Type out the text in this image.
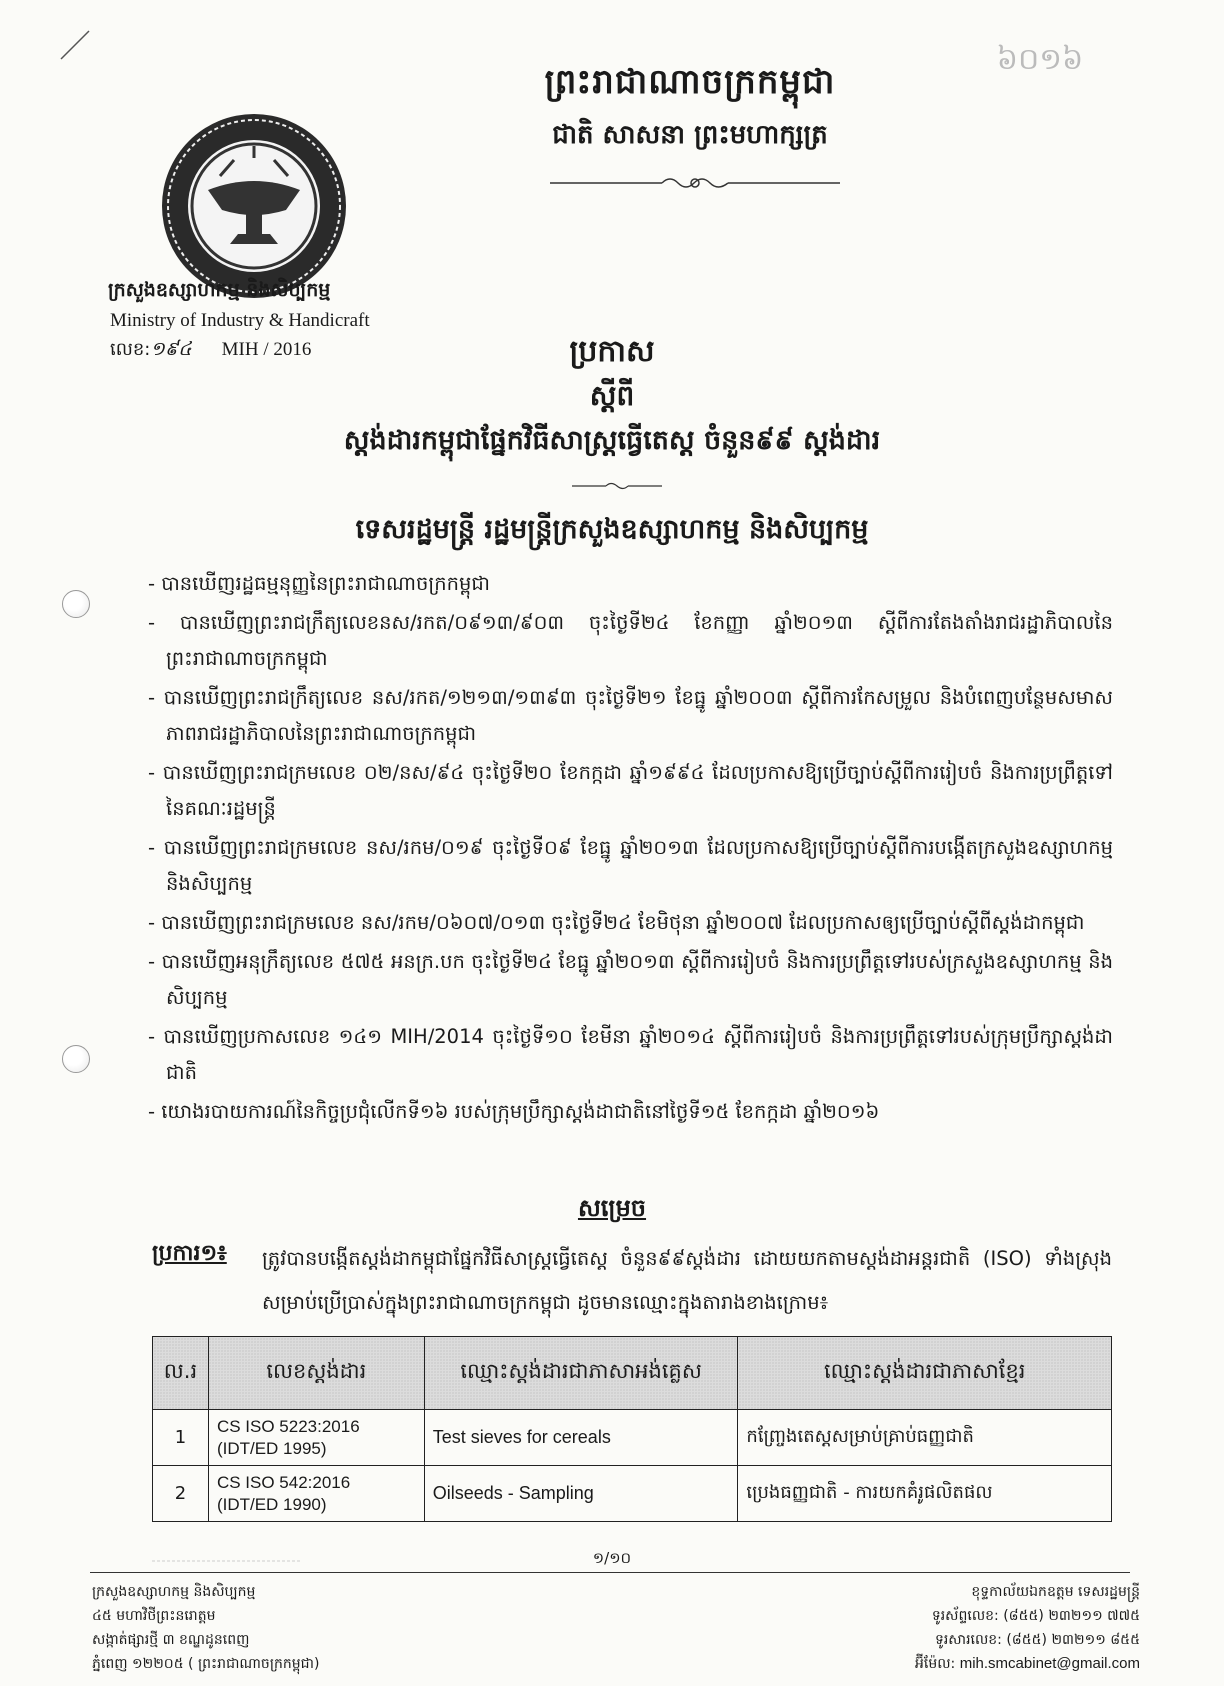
៦០១៦
ព្រះរាជាណាចក្រកម្ពុជា
ជាតិ សាសនា ព្រះមហាក្សត្រ
ក្រសួងឧស្សាហកម្ម និងសិប្បកម្ម
Ministry of Industry & Handicraft
លេខ:១៩៤ MIH / 2016	ប្រកាស
ស្តីពី
ស្តង់ដារកម្ពុជាផ្នែកវិធីសាស្ត្រធ្វើតេស្ត ចំនួន៩៩ ស្តង់ដារ
ទេសរដ្ឋមន្ត្រី រដ្ឋមន្ត្រីក្រសួងឧស្សាហកម្ម និងសិប្បកម្ម
- បានឃើញរដ្ឋធម្មនុញ្ញនៃព្រះរាជាណាចក្រកម្ពុជា
- បានឃើញព្រះរាជក្រឹត្យលេខនស/រកត/០៩១៣/៩០៣ ចុះថ្ងៃទី២៤ ខែកញ្ញា ឆ្នាំ២០១៣ ស្តីពីការតែងតាំងរាជរដ្ឋាភិបាលនៃព្រះរាជាណាចក្រកម្ពុជា
- បានឃើញព្រះរាជក្រឹត្យលេខ នស/រកត/១២១៣/១៣៩៣ ចុះថ្ងៃទី២១ ខែធ្នូ ឆ្នាំ២០០៣ ស្តីពីការកែសម្រួល និងបំពេញបន្ថែមសមាសភាពរាជរដ្ឋាភិបាលនៃព្រះរាជាណាចក្រកម្ពុជា
- បានឃើញព្រះរាជក្រមលេខ ០២/នស/៩៤ ចុះថ្ងៃទី២០ ខែកក្កដា ឆ្នាំ១៩៩៤ ដែលប្រកាសឱ្យប្រើច្បាប់ស្តីពីការរៀបចំ និងការប្រព្រឹត្តទៅនៃគណៈរដ្ឋមន្ត្រី
- បានឃើញព្រះរាជក្រមលេខ នស/រកម/០១៩ ចុះថ្ងៃទី០៩ ខែធ្នូ ឆ្នាំ២០១៣ ដែលប្រកាសឱ្យប្រើច្បាប់ស្តីពីការបង្កើតក្រសួងឧស្សាហកម្ម និងសិប្បកម្ម
- បានឃើញព្រះរាជក្រមលេខ នស/រកម/០៦០៧/០១៣ ចុះថ្ងៃទី២៤ ខែមិថុនា ឆ្នាំ២០០៧ ដែលប្រកាសឲ្យប្រើច្បាប់ស្តីពីស្តង់ដាកម្ពុជា
- បានឃើញអនុក្រឹត្យលេខ ៥៧៥ អនក្រ.បក ចុះថ្ងៃទី២៤ ខែធ្នូ ឆ្នាំ២០១៣ ស្តីពីការរៀបចំ និងការប្រព្រឹត្តទៅរបស់ក្រសួងឧស្សាហកម្ម និងសិប្បកម្ម
- បានឃើញប្រកាសលេខ ១៤១ MIH/2014 ចុះថ្ងៃទី១០ ខែមីនា ឆ្នាំ២០១៤ ស្តីពីការរៀបចំ និងការប្រព្រឹត្តទៅរបស់ក្រុមប្រឹក្សាស្តង់ដាជាតិ
- យោងរបាយការណ៍នៃកិច្ចប្រជុំលើកទី១៦ របស់ក្រុមប្រឹក្សាស្តង់ដាជាតិនៅថ្ងៃទី១៥ ខែកក្កដា ឆ្នាំ២០១៦
សម្រេច
ប្រការ១៖ ត្រូវបានបង្កើតស្តង់ដាកម្ពុជាផ្នែកវិធីសាស្ត្រធ្វើតេស្ត ចំនួន៩៩ស្តង់ដារ ដោយយកតាមស្តង់ដាអន្តរជាតិ (ISO) ទាំងស្រុងសម្រាប់ប្រើប្រាស់ក្នុងព្រះរាជាណាចក្រកម្ពុជា ដូចមានឈ្មោះក្នុងតារាងខាងក្រោម៖
ល.រ	លេខស្តង់ដារ	ឈ្មោះស្តង់ដារជាភាសាអង់គ្លេស	ឈ្មោះស្តង់ដារជាភាសាខ្មែរ
1	CS ISO 5223:2016
(IDT/ED 1995)	Test sieves for cereals	កញ្ច្រែងតេស្តសម្រាប់គ្រាប់ធញ្ញជាតិ
2	CS ISO 542:2016
(IDT/ED 1990)	Oilseeds - Sampling	ប្រេងធញ្ញជាតិ - ការយកគំរូផលិតផល
១/១០
ក្រសួងឧស្សាហកម្ម និងសិប្បកម្ម
៤៥ មហាវិថីព្រះនរោត្តម
សង្កាត់ផ្សារថ្មី ៣ ខណ្ឌដូនពេញ
ភ្នំពេញ ១២២០៥ ( ព្រះរាជាណាចក្រកម្ពុជា)
ខុទ្ទកាល័យឯកឧត្តម ទេសរដ្ឋមន្ត្រី
ទូរស័ព្ទលេខ: (៨៥៥) ២៣២១១ ៧៧៥
ទូរសារលេខ: (៨៥៥) ២៣២១១ ៨៥៥
អ៊ីម៉ែល: mih.smcabinet@gmail.com
